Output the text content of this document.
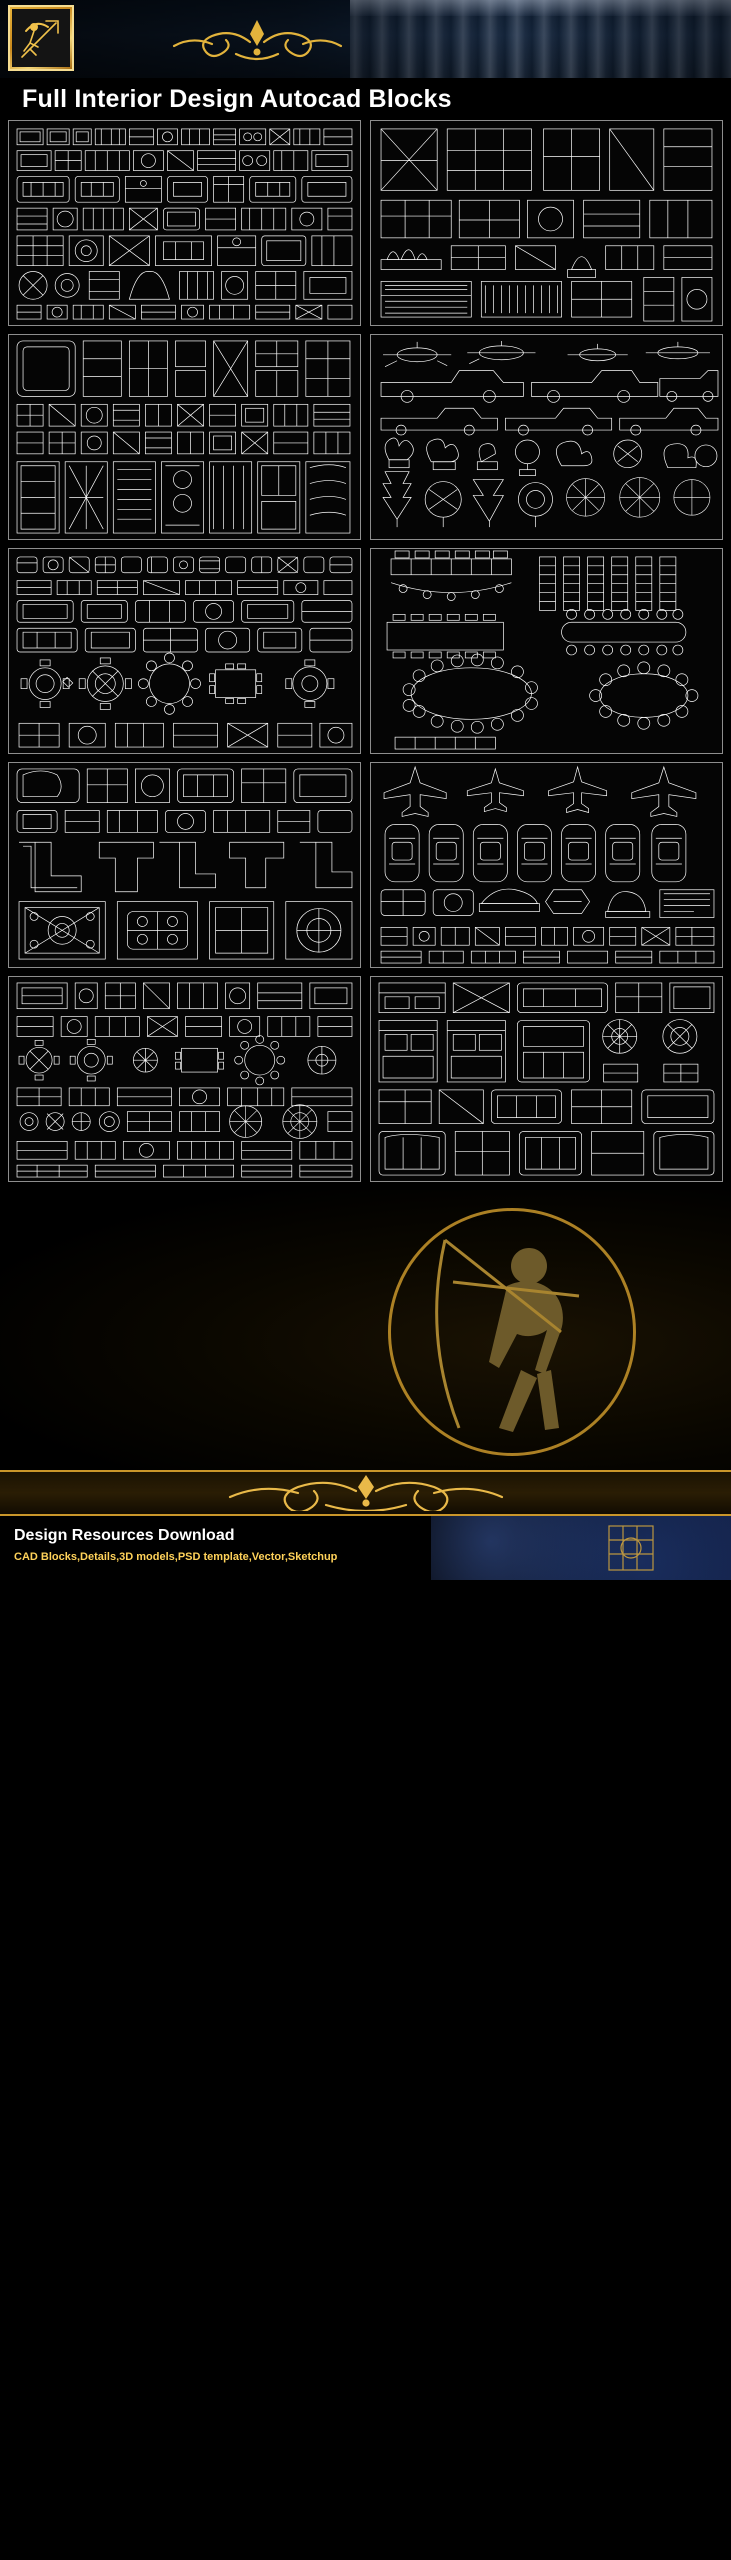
Full Interior Design Autocad Blocks
Design Resources Download
CAD Blocks,Details,3D models,PSD template,Vector,Sketchup
